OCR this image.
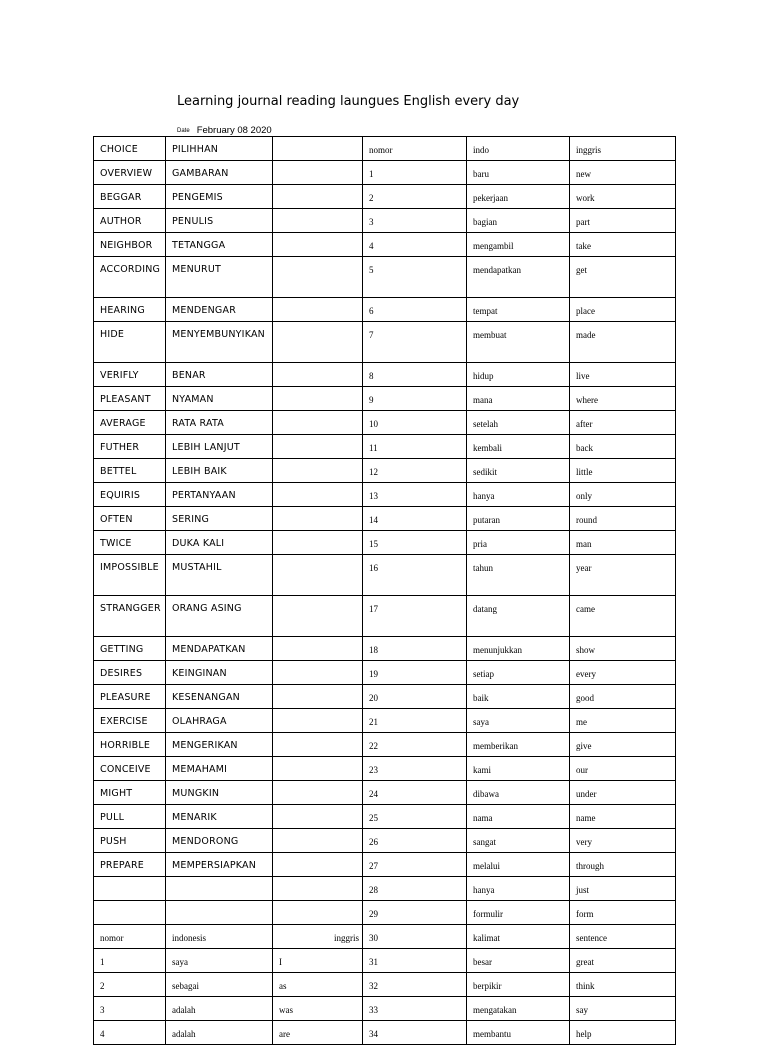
Learning journal reading laungues English every day
Date February 08 2020
CHOICE	PILIHHAN		nomor	indo	inggris
OVERVIEW	GAMBARAN		1	baru	new
BEGGAR	PENGEMIS		2	pekerjaan	work
AUTHOR	PENULIS		3	bagian	part
NEIGHBOR	TETANGGA		4	mengambil	take
ACCORDING	MENURUT		5	mendapatkan	get
HEARING	MENDENGAR		6	tempat	place
HIDE	MENYEMBUNYIKAN		7	membuat	made
VERIFLY	BENAR		8	hidup	live
PLEASANT	NYAMAN		9	mana	where
AVERAGE	RATA RATA		10	setelah	after
FUTHER	LEBIH LANJUT		11	kembali	back
BETTEL	LEBIH BAIK		12	sedikit	little
EQUIRIS	PERTANYAAN		13	hanya	only
OFTEN	SERING		14	putaran	round
TWICE	DUKA KALI		15	pria	man
IMPOSSIBLE	MUSTAHIL		16	tahun	year
STRANGGER	ORANG ASING		17	datang	came
GETTING	MENDAPATKAN		18	menunjukkan	show
DESIRES	KEINGINAN		19	setiap	every
PLEASURE	KESENANGAN		20	baik	good
EXERCISE	OLAHRAGA		21	saya	me
HORRIBLE	MENGERIKAN		22	memberikan	give
CONCEIVE	MEMAHAMI		23	kami	our
MIGHT	MUNGKIN		24	dibawa	under
PULL	MENARIK		25	nama	name
PUSH	MENDORONG		26	sangat	very
PREPARE	MEMPERSIAPKAN		27	melalui	through
			28	hanya	just
			29	formulir	form
nomor	indonesis	inggris	30	kalimat	sentence
1	saya	I	31	besar	great
2	sebagai	as	32	berpikir	think
3	adalah	was	33	mengatakan	say
4	adalah	are	34	membantu	help
